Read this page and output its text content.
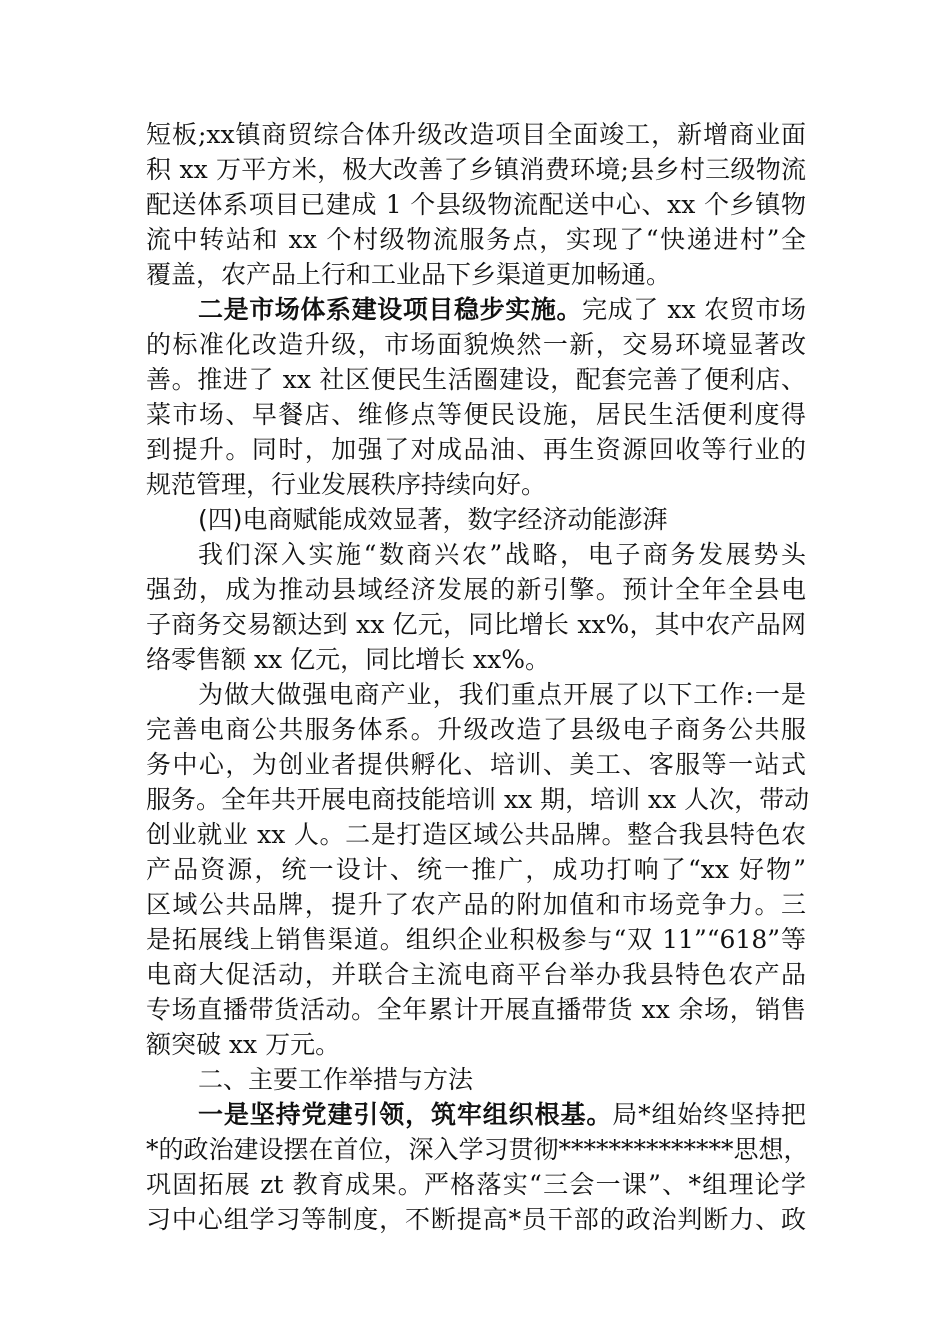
短板;xx镇商贸综合体升级改造项目全面竣工，新增商业面
积 xx 万平方米，极大改善了乡镇消费环境;县乡村三级物流
配送体系项目已建成 1 个县级物流配送中心、xx 个乡镇物
流中转站和 xx 个村级物流服务点，实现了“快递进村”全
覆盖，农产品上行和工业品下乡渠道更加畅通。
二是市场体系建设项目稳步实施。完成了 xx 农贸市场
的标准化改造升级，市场面貌焕然一新，交易环境显著改
善。推进了 xx 社区便民生活圈建设，配套完善了便利店、
菜市场、早餐店、维修点等便民设施，居民生活便利度得
到提升。同时，加强了对成品油、再生资源回收等行业的
规范管理，行业发展秩序持续向好。
(四)电商赋能成效显著，数字经济动能澎湃
我们深入实施“数商兴农”战略，电子商务发展势头
强劲，成为推动县域经济发展的新引擎。预计全年全县电
子商务交易额达到 xx 亿元，同比增长 xx%，其中农产品网
络零售额 xx 亿元，同比增长 xx%。
为做大做强电商产业，我们重点开展了以下工作:一是
完善电商公共服务体系。升级改造了县级电子商务公共服
务中心，为创业者提供孵化、培训、美工、客服等一站式
服务。全年共开展电商技能培训 xx 期，培训 xx 人次，带动
创业就业 xx 人。二是打造区域公共品牌。整合我县特色农
产品资源，统一设计、统一推广，成功打响了“xx 好物”
区域公共品牌，提升了农产品的附加值和市场竞争力。三
是拓展线上销售渠道。组织企业积极参与“双 11”“618”等
电商大促活动，并联合主流电商平台举办我县特色农产品
专场直播带货活动。全年累计开展直播带货 xx 余场，销售
额突破 xx 万元。
二、主要工作举措与方法
一是坚持党建引领，筑牢组织根基。局*组始终坚持把
*的政治建设摆在首位，深入学习贯彻**************思想，
巩固拓展 zt 教育成果。严格落实“三会一课”、*组理论学
习中心组学习等制度，不断提高*员干部的政治判断力、政
